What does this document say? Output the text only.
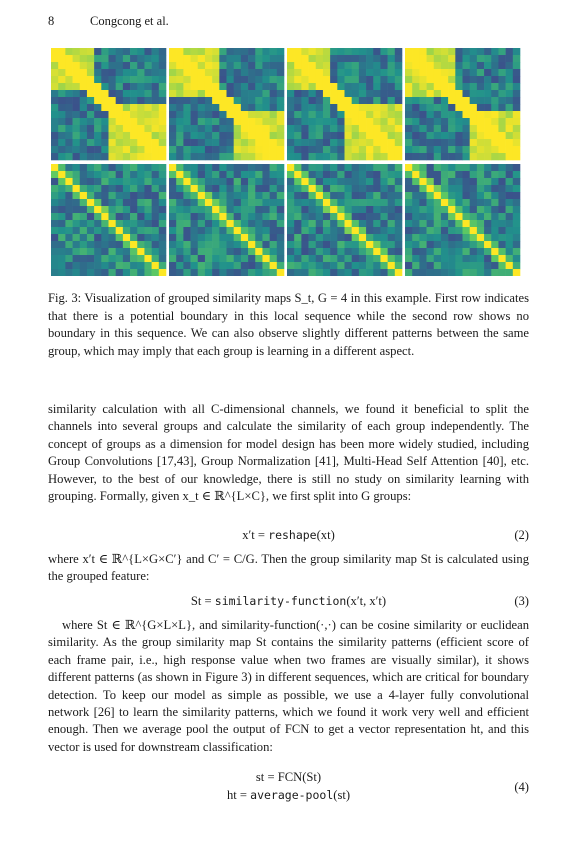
8	Congcong et al.
Fig. 3: Visualization of grouped similarity maps S_t, G = 4 in this example. First row indicates that there is a potential boundary in this local sequence while the second row shows no boundary in this sequence. We can also observe slightly different patterns between the same group, which may imply that each group is learning in a different aspect.
similarity calculation with all C-dimensional channels, we found it beneficial to split the channels into several groups and calculate the similarity of each group independently. The concept of groups as a dimension for model design has been more widely studied, including Group Convolutions [17,43], Group Normalization [41], Multi-Head Self Attention [40], etc. However, to the best of our knowledge, there is still no study on similarity learning with grouping. Formally, given x_t ∈ ℝ^{L×C}, we first split into G groups:
x′t = reshape(xt)	(2)
where x′t ∈ ℝ^{L×G×C′} and C′ = C/G. Then the group similarity map St is calculated using the grouped feature:
St = similarity-function(x′t, x′t)	(3)
where St ∈ ℝ^{G×L×L}, and similarity-function(·,·) can be cosine similarity or euclidean similarity. As the group similarity map St contains the similarity patterns (efficient score of each frame pair, i.e., high response value when two frames are visually similar), it shows different patterns (as shown in Figure 3) in different sequences, which are critical for boundary detection. To keep our model as simple as possible, we use a 4-layer fully convolutional network [26] to learn the similarity patterns, which we found it work very well and efficient enough. Then we average pool the output of FCN to get a vector representation ht, and this vector is used for downstream classification:
st = FCN(St)
ht = average-pool(st)
(4)
